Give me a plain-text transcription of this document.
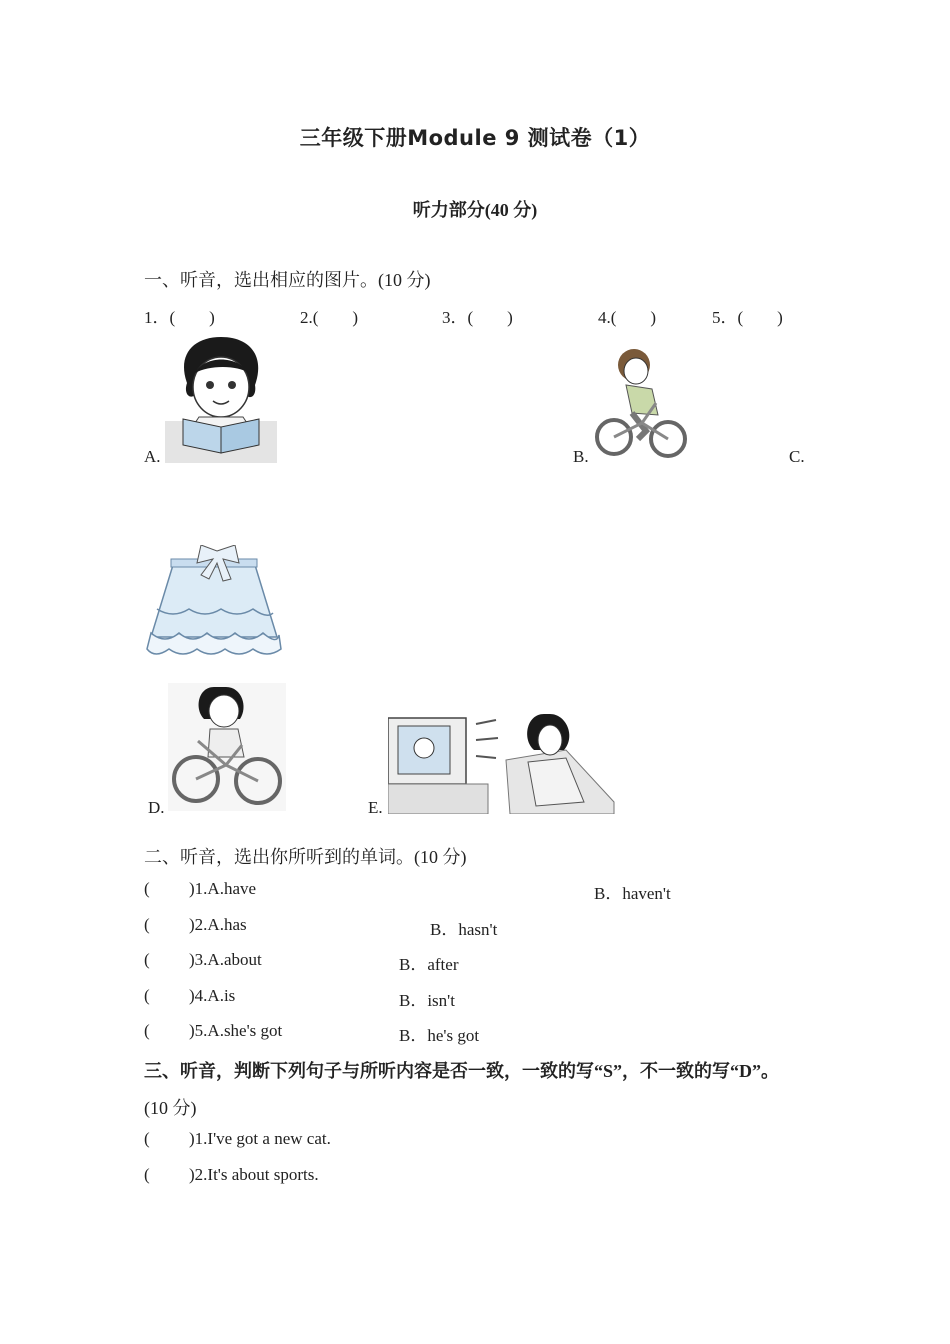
三年级下册Module 9 测试卷（1）
听力部分(40 分)
一、听音，选出相应的图片。(10 分)
1．(　　)	2.(　　)	3．(　　)	4.(　　)	5．(　　)
A.	B.	C.
D.	E.
二、听音，选出你所听到的单词。(10 分)
( )1.A.have	B．haven't
( )2.A.has	B．hasn't
( )3.A.about	B．after
( )4.A.is	B．isn't
( )5.A.she's got	B．he's got
三、听音，判断下列句子与所听内容是否一致，一致的写“S”，不一致的写“D”。
(10 分)
( )1.I've got a new cat.
( )2.It's about sports.
